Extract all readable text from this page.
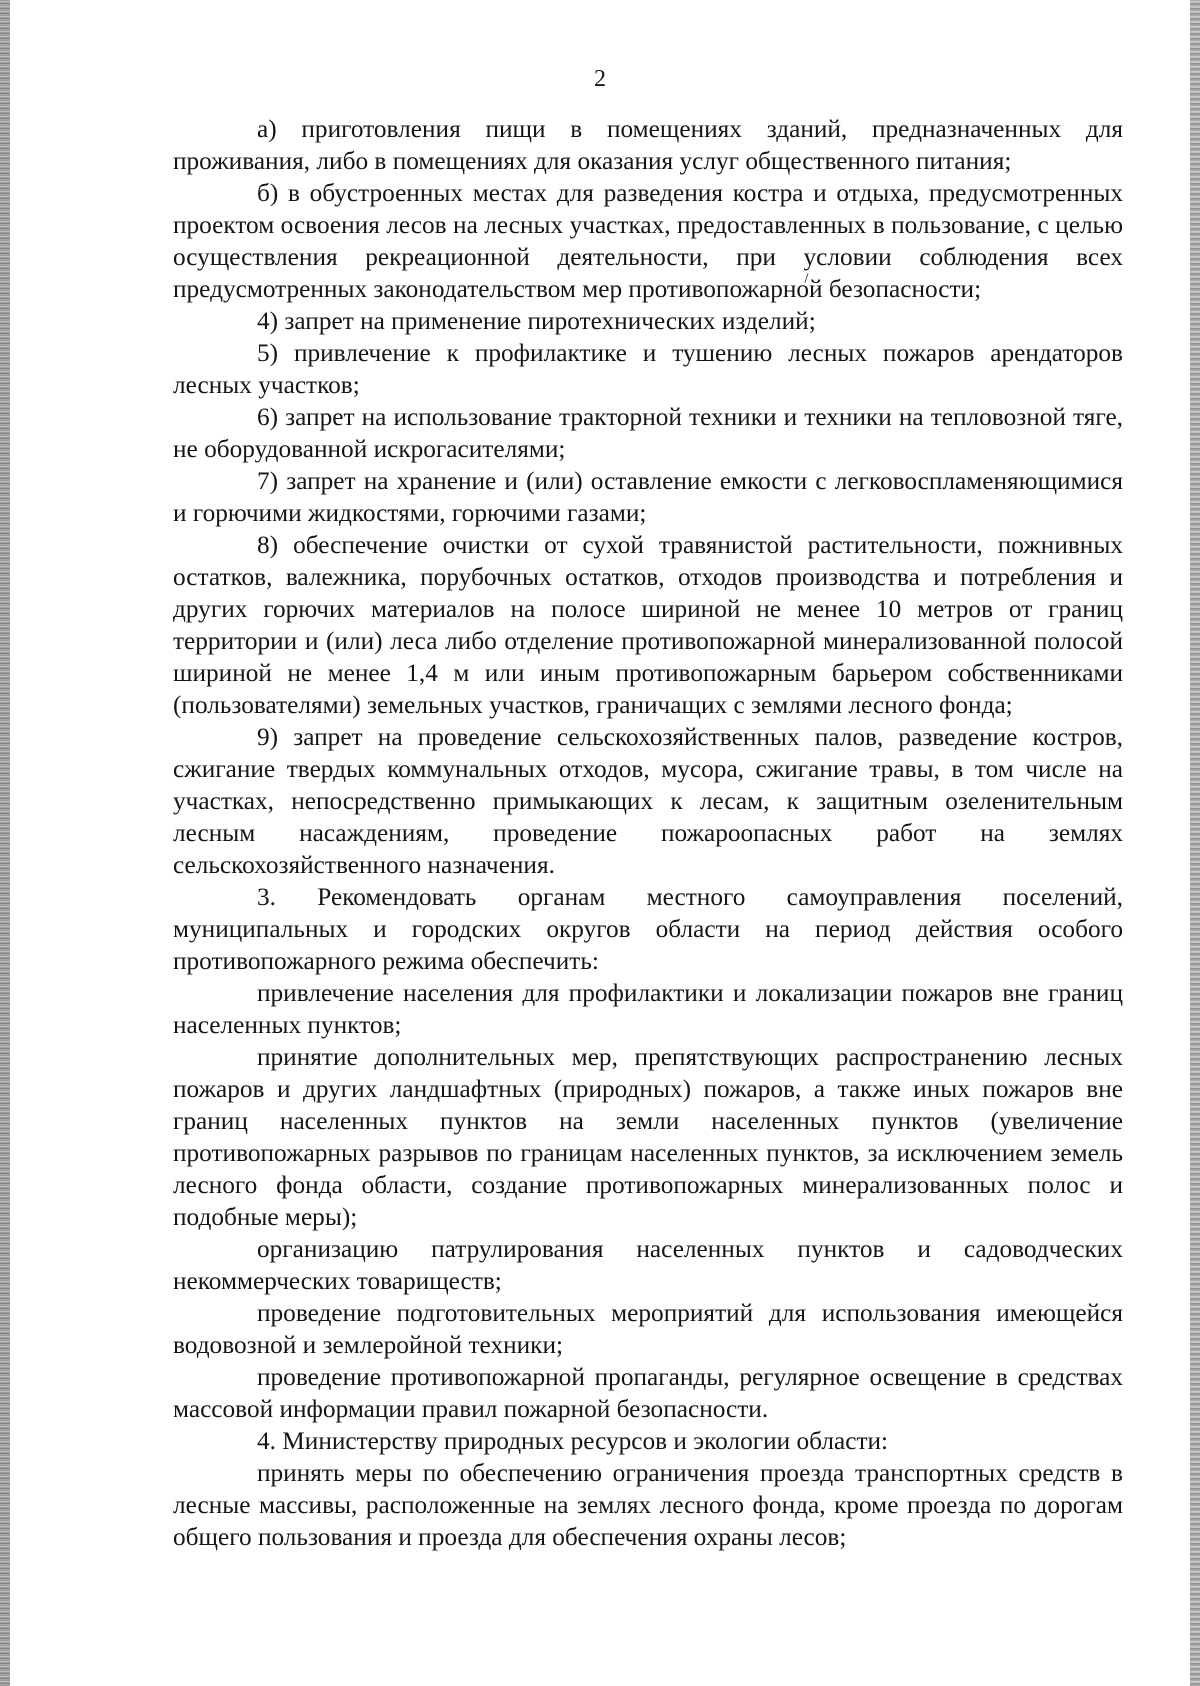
2

а) приготовления пищи в помещениях зданий, предназначенных для проживания, либо в помещениях для оказания услуг общественного питания;

б) в обустроенных местах для разведения костра и отдыха, предусмотренных проектом освоения лесов на лесных участках, предоставленных в пользование, с целью осуществления рекреационной деятельности, при условии соблюдения всех предусмотренных законодательством мер противопожарной безопасности;

4) запрет на применение пиротехнических изделий;

5) привлечение к профилактике и тушению лесных пожаров арендаторов лесных участков;

6) запрет на использование тракторной техники и техники на тепловозной тяге, не оборудованной искрогасителями;

7) запрет на хранение и (или) оставление емкости с легковоспламеняющимися и горючими жидкостями, горючими газами;

8) обеспечение очистки от сухой травянистой растительности, пожнивных остатков, валежника, порубочных остатков, отходов производства и потребления и других горючих материалов на полосе шириной не менее 10 метров от границ территории и (или) леса либо отделение противопожарной минерализованной полосой шириной не менее 1,4 м или иным противопожарным барьером собственниками (пользователями) земельных участков, граничащих с землями лесного фонда;

9) запрет на проведение сельскохозяйственных палов, разведение костров, сжигание твердых коммунальных отходов, мусора, сжигание травы, в том числе на участках, непосредственно примыкающих к лесам, к защитным озеленительным лесным насаждениям, проведение пожароопасных работ на землях сельскохозяйственного назначения.

3. Рекомендовать органам местного самоуправления поселений, муниципальных и городских округов области на период действия особого противопожарного режима обеспечить:

привлечение населения для профилактики и локализации пожаров вне границ населенных пунктов;

принятие дополнительных мер, препятствующих распространению лесных пожаров и других ландшафтных (природных) пожаров, а также иных пожаров вне границ населенных пунктов на земли населенных пунктов (увеличение противопожарных разрывов по границам населенных пунктов, за исключением земель лесного фонда области, создание противопожарных минерализованных полос и подобные меры);

организацию патрулирования населенных пунктов и садоводческих некоммерческих товариществ;

проведение подготовительных мероприятий для использования имеющейся водовозной и землеройной техники;

проведение противопожарной пропаганды, регулярное освещение в средствах массовой информации правил пожарной безопасности.

4. Министерству природных ресурсов и экологии области:

принять меры по обеспечению ограничения проезда транспортных средств в лесные массивы, расположенные на землях лесного фонда, кроме проезда по дорогам общего пользования и проезда для обеспечения охраны лесов;
